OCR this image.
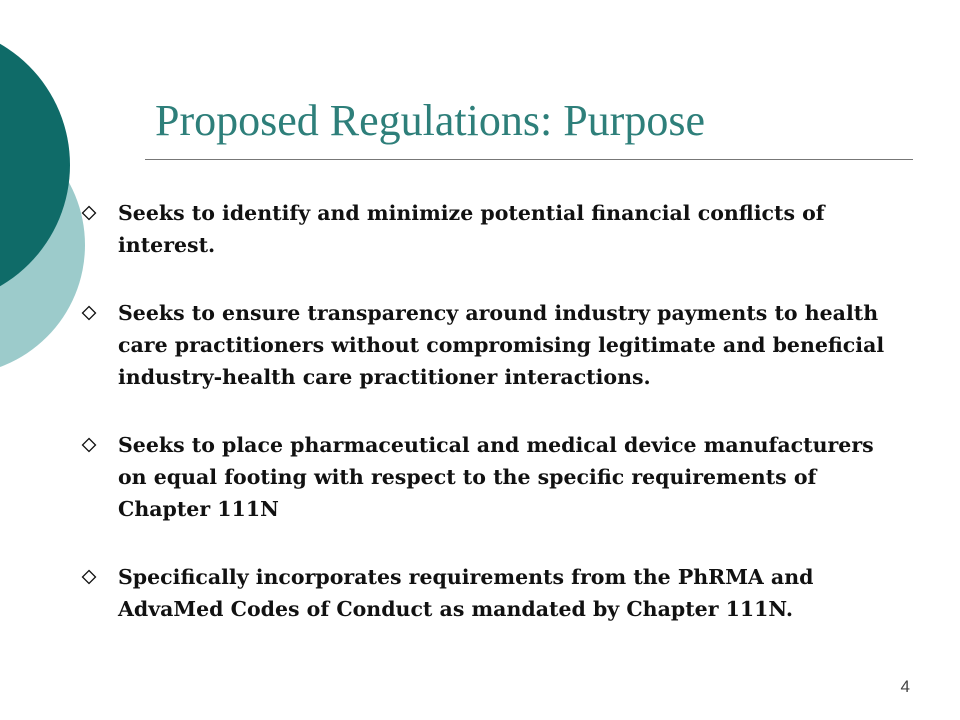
Proposed Regulations: Purpose
Seeks to identify and minimize potential financial conflicts of interest.
Seeks to ensure transparency around industry payments to health care practitioners without compromising legitimate and beneficial industry-health care practitioner interactions.
Seeks to place pharmaceutical and medical device manufacturers on equal footing with respect to the specific requirements of Chapter 111N
Specifically incorporates requirements from the PhRMA and AdvaMed Codes of Conduct as mandated by Chapter 111N.
4
